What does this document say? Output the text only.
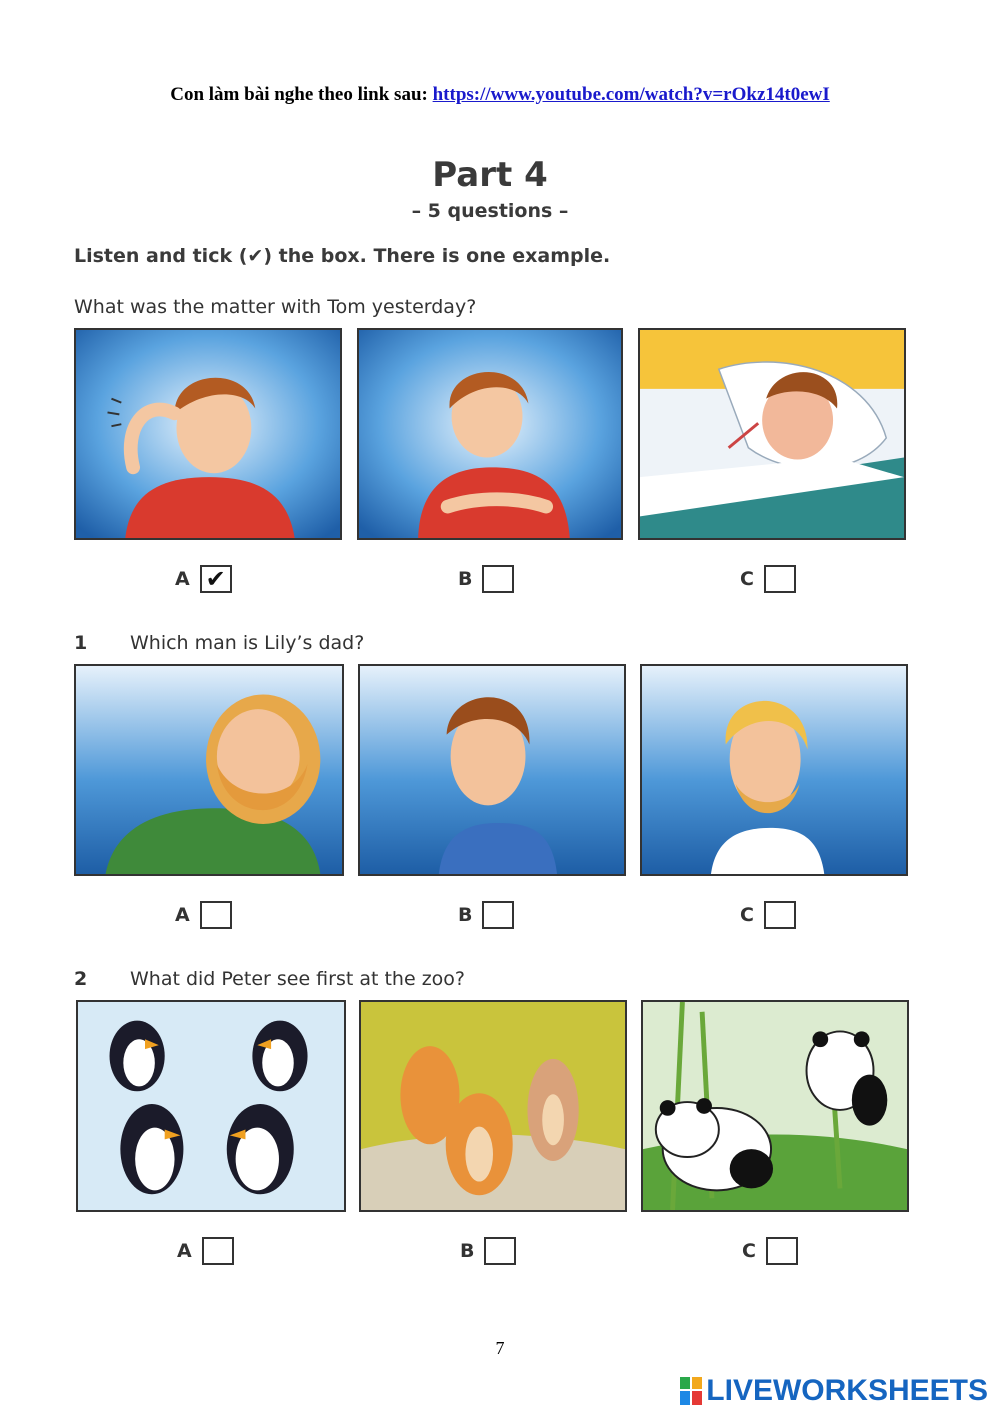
Con làm bài nghe theo link sau: https://www.youtube.com/watch?v=rOkz14t0ewI
Part 4
– 5 questions –
Listen and tick (✔) the box. There is one example.
What was the matter with Tom yesterday?
A ✔	B	C
1 Which man is Lily’s dad?
A	B	C
2 What did Peter see first at the zoo?
A	B	C
7
LIVEWORKSHEETS
